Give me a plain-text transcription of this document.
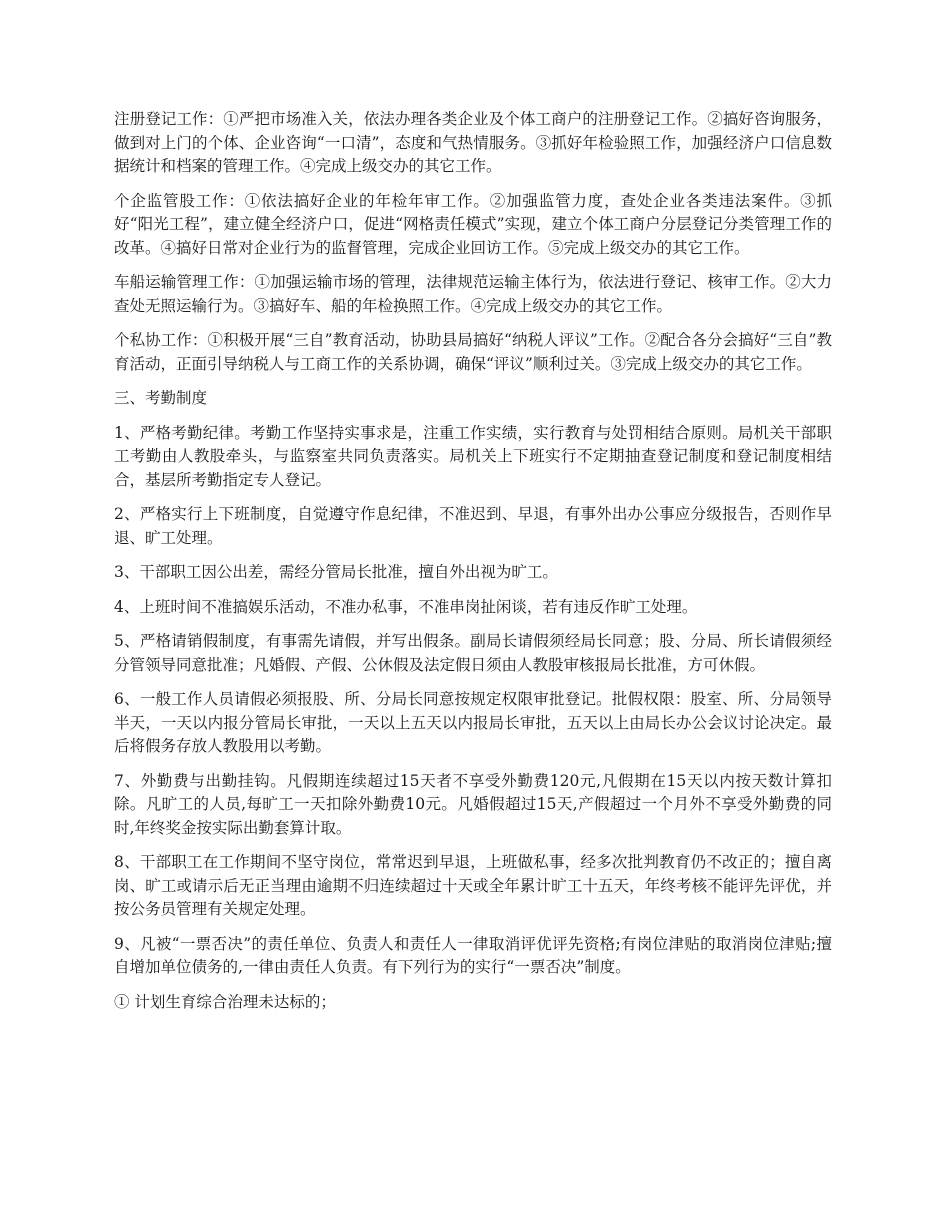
注册登记工作：①严把市场准入关，依法办理各类企业及个体工商户的注册登记工作。②搞好咨询服务，做到对上门的个体、企业咨询“一口清”，态度和气热情服务。③抓好年检验照工作，加强经济户口信息数据统计和档案的管理工作。④完成上级交办的其它工作。

个企监管股工作：①依法搞好企业的年检年审工作。②加强监管力度，查处企业各类违法案件。③抓好“阳光工程”，建立健全经济户口，促进“网格责任模式”实现，建立个体工商户分层登记分类管理工作的改革。④搞好日常对企业行为的监督管理，完成企业回访工作。⑤完成上级交办的其它工作。

车船运输管理工作：①加强运输市场的管理，法律规范运输主体行为，依法进行登记、核审工作。②大力查处无照运输行为。③搞好车、船的年检换照工作。④完成上级交办的其它工作。

个私协工作：①积极开展“三自”教育活动，协助县局搞好“纳税人评议”工作。②配合各分会搞好“三自”教育活动，正面引导纳税人与工商工作的关系协调，确保“评议”顺利过关。③完成上级交办的其它工作。

三、考勤制度

1、严格考勤纪律。考勤工作坚持实事求是，注重工作实绩，实行教育与处罚相结合原则。局机关干部职工考勤由人教股牵头，与监察室共同负责落实。局机关上下班实行不定期抽查登记制度和登记制度相结合，基层所考勤指定专人登记。

2、严格实行上下班制度，自觉遵守作息纪律，不准迟到、早退，有事外出办公事应分级报告，否则作早退、旷工处理。

3、干部职工因公出差，需经分管局长批准，擅自外出视为旷工。

4、上班时间不准搞娱乐活动，不准办私事，不准串岗扯闲谈，若有违反作旷工处理。

5、严格请销假制度，有事需先请假，并写出假条。副局长请假须经局长同意；股、分局、所长请假须经分管领导同意批准；凡婚假、产假、公休假及法定假日须由人教股审核报局长批准，方可休假。

6、一般工作人员请假必须报股、所、分局长同意按规定权限审批登记。批假权限：股室、所、分局领导半天，一天以内报分管局长审批，一天以上五天以内报局长审批，五天以上由局长办公会议讨论决定。最后将假务存放人教股用以考勤。

7、外勤费与出勤挂钩。凡假期连续超过15天者不享受外勤费120元,凡假期在15天以内按天数计算扣除。凡旷工的人员,每旷工一天扣除外勤费10元。凡婚假超过15天,产假超过一个月外不享受外勤费的同时,年终奖金按实际出勤套算计取。

8、干部职工在工作期间不坚守岗位，常常迟到早退，上班做私事，经多次批判教育仍不改正的；擅自离岗、旷工或请示后无正当理由逾期不归连续超过十天或全年累计旷工十五天，年终考核不能评先评优，并按公务员管理有关规定处理。

9、凡被“一票否决”的责任单位、负责人和责任人一律取消评优评先资格;有岗位津贴的取消岗位津贴;擅自增加单位债务的,一律由责任人负责。有下列行为的实行“一票否决”制度。

① 计划生育综合治理未达标的；
